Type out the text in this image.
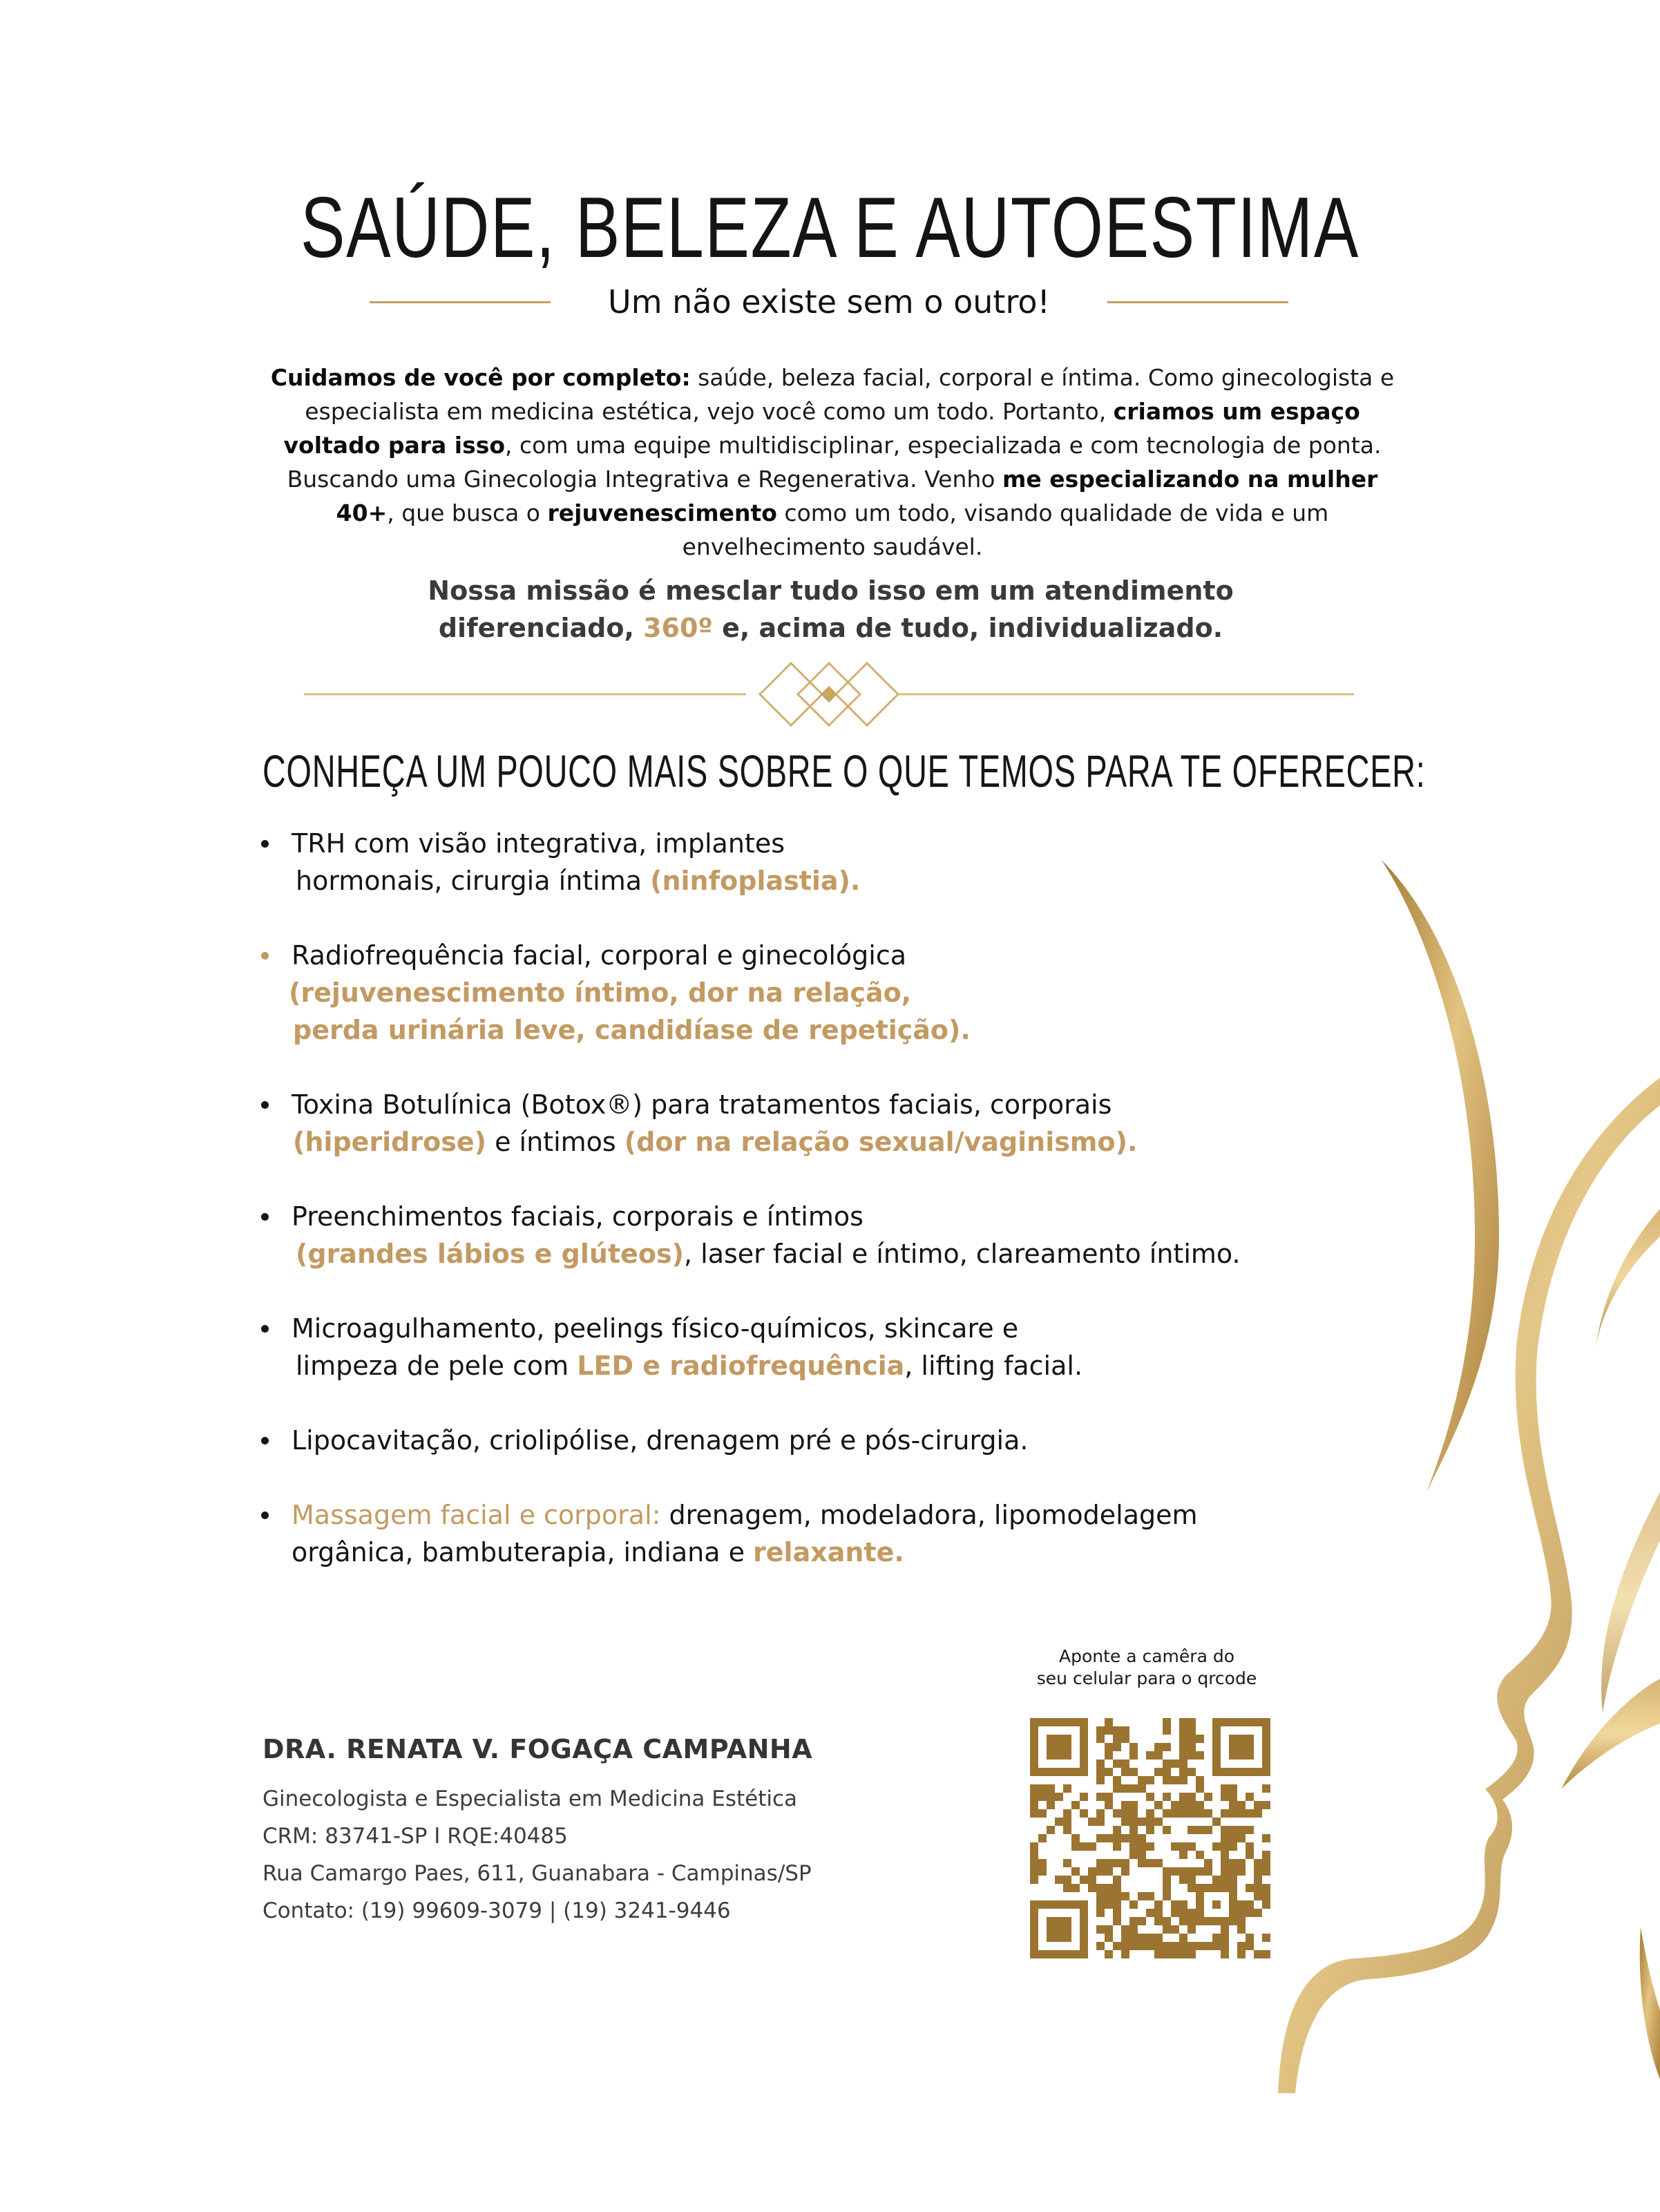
SAÚDE, BELEZA E AUTOESTIMA
Um não existe sem o outro!
Cuidamos de você por completo: saúde, beleza facial, corporal e íntima. Como ginecologista e especialista em medicina estética, vejo você como um todo. Portanto, criamos um espaço voltado para isso, com uma equipe multidisciplinar, especializada e com tecnologia de ponta. Buscando uma Ginecologia Integrativa e Regenerativa. Venho me especializando na mulher 40+, que busca o rejuvenescimento como um todo, visando qualidade de vida e um envelhecimento saudável.
Nossa missão é mesclar tudo isso em um atendimento diferenciado, 360º e, acima de tudo, individualizado.
CONHEÇA UM POUCO MAIS SOBRE O QUE TEMOS PARA TE OFERECER:
TRH com visão integrativa, implantes
hormonais, cirurgia íntima (ninfoplastia).
Radiofrequência facial, corporal e ginecológica
(rejuvenescimento íntimo, dor na relação,
perda urinária leve, candidíase de repetição).
Toxina Botulínica (Botox®) para tratamentos faciais, corporais
(hiperidrose) e íntimos (dor na relação sexual/vaginismo).
Preenchimentos faciais, corporais e íntimos
(grandes lábios e glúteos), laser facial e íntimo, clareamento íntimo.
Microagulhamento, peelings físico-químicos, skincare e
limpeza de pele com LED e radiofrequência, lifting facial.
Lipocavitação, criolipólise, drenagem pré e pós-cirurgia.
Massagem facial e corporal: drenagem, modeladora, lipomodelagem
orgânica, bambuterapia, indiana e relaxante.
Aponte a camêra do
seu celular para o qrcode
DRA. RENATA V. FOGAÇA CAMPANHA
Ginecologista e Especialista em Medicina Estética
CRM: 83741-SP I RQE:40485
Rua Camargo Paes, 611, Guanabara - Campinas/SP
Contato: (19) 99609-3079 | (19) 3241-9446
